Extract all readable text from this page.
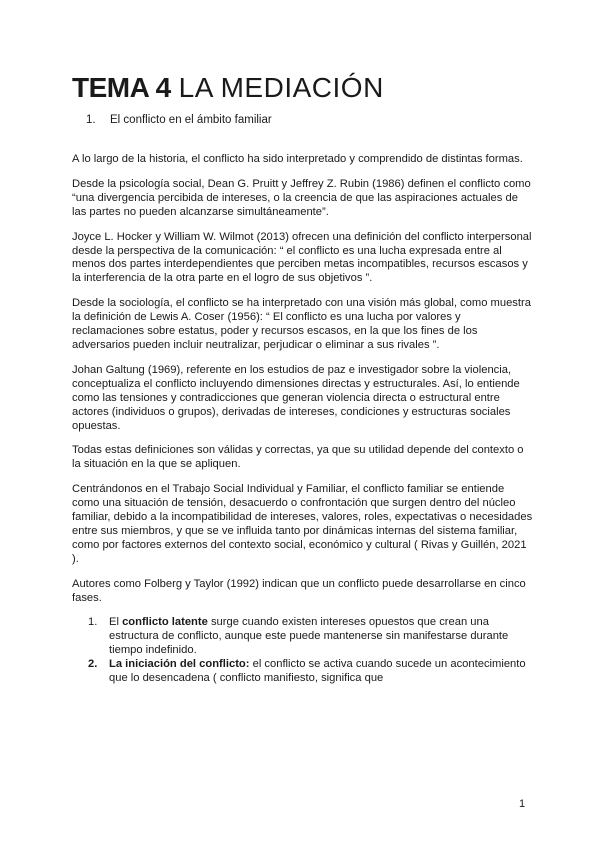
TEMA 4 LA MEDIACIÓN
1. El conflicto en el ámbito familiar

A lo largo de la historia, el conflicto ha sido interpretado y comprendido de distintas formas.

Desde la psicología social, Dean G. Pruitt y Jeffrey Z. Rubin (1986) definen el conflicto como “una divergencia percibida de intereses, o la creencia de que las aspiraciones actuales de las partes no pueden alcanzarse simultáneamente”.

Joyce L. Hocker y William W. Wilmot (2013) ofrecen una definición del conflicto interpersonal desde la perspectiva de la comunicación: “ el conflicto es una lucha expresada entre al menos dos partes interdependientes que perciben metas incompatibles, recursos escasos y la interferencia de la otra parte en el logro de sus objetivos ”.

Desde la sociología, el conflicto se ha interpretado con una visión más global, como muestra la definición de Lewis A. Coser (1956): “ El conflicto es una lucha por valores y reclamaciones sobre estatus, poder y recursos escasos, en la que los fines de los adversarios pueden incluir neutralizar, perjudicar o eliminar a sus rivales ”.

Johan Galtung (1969), referente en los estudios de paz e investigador sobre la violencia, conceptualiza el conflicto incluyendo dimensiones directas y estructurales. Así, lo entiende como las tensiones y contradicciones que generan violencia directa o estructural entre actores (individuos o grupos), derivadas de intereses, condiciones y estructuras sociales opuestas.

Todas estas definiciones son válidas y correctas, ya que su utilidad depende del contexto o la situación en la que se apliquen.

Centrándonos en el Trabajo Social Individual y Familiar, el conflicto familiar se entiende como una situación de tensión, desacuerdo o confrontación que surgen dentro del núcleo familiar, debido a la incompatibilidad de intereses, valores, roles, expectativas o necesidades entre sus miembros, y que se ve influida tanto por dinámicas internas del sistema familiar, como por factores externos del contexto social, económico y cultural ( Rivas y Guillén, 2021 ).

Autores como Folberg y Taylor (1992) indican que un conflicto puede desarrollarse en cinco fases.

1. El conflicto latente surge cuando existen intereses opuestos que crean una estructura de conflicto, aunque este puede mantenerse sin manifestarse durante tiempo indefinido.
2. La iniciación del conflicto: el conflicto se activa cuando sucede un acontecimiento que lo desencadena ( conflicto manifiesto, significa que
1
